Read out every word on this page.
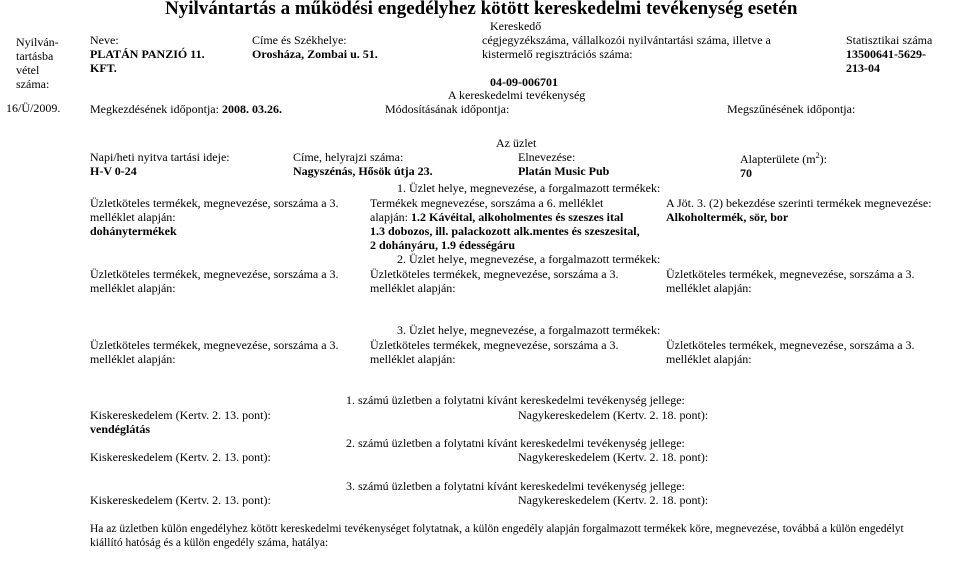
Nyilvántartás a működési engedélyhez kötött kereskedelmi tevékenység esetén
Nyilván-
tartásba
vétel
száma:
16/Ü/2009.
Kereskedő
Neve:
PLATÁN PANZIÓ 11.
KFT.
Címe és Székhelye:
Orosháza, Zombai u. 51.
cégjegyzékszáma, vállalkozói nyilvántartási száma, illetve a
kistermelő regisztrációs száma:
04-09-006701
Statisztikai száma
13500641-5629-
213-04
A kereskedelmi tevékenység
Megkezdésének időpontja: 2008. 03.26.	Módosításának időpontja:	Megszűnésének időpontja:
Az üzlet
Napi/heti nyitva tartási ideje:
H-V 0-24
Címe, helyrajzi száma:
Nagyszénás, Hősök útja 23.
Elnevezése:
Platán Music Pub
Alapterülete $(m^2)$:
70
1. Üzlet helye, megnevezése, a forgalmazott termékek:
Üzletköteles termékek, megnevezése, sorszáma a 3.
melléklet alapján:
dohánytermékek
Termékek megnevezése, sorszáma a 6. melléklet
alapján: 1.2 Kávéital, alkoholmentes és szeszes ital
1.3 dobozos, ill. palackozott alk.mentes és szeszesital,
2 dohányáru, 1.9 édességáru
A Jöt. 3. (2) bekezdése szerinti termékek megnevezése:
Alkoholtermék, sör, bor
2. Üzlet helye, megnevezése, a forgalmazott termékek:
Üzletköteles termékek, megnevezése, sorszáma a 3.
melléklet alapján:
Üzletköteles termékek, megnevezése, sorszáma a 3.
melléklet alapján:
Üzletköteles termékek, megnevezése, sorszáma a 3.
melléklet alapján:
3. Üzlet helye, megnevezése, a forgalmazott termékek:
Üzletköteles termékek, megnevezése, sorszáma a 3.
melléklet alapján:
Üzletköteles termékek, megnevezése, sorszáma a 3.
melléklet alapján:
Üzletköteles termékek, megnevezése, sorszáma a 3.
melléklet alapján:
1. számú üzletben a folytatni kívánt kereskedelmi tevékenység jellege:
Kiskereskedelem (Kertv. 2. 13. pont):
vendéglátás
Nagykereskedelem (Kertv. 2. 18. pont):
2. számú üzletben a folytatni kívánt kereskedelmi tevékenység jellege:
Kiskereskedelem (Kertv. 2. 13. pont):	Nagykereskedelem (Kertv. 2. 18. pont):
3. számú üzletben a folytatni kívánt kereskedelmi tevékenység jellege:
Kiskereskedelem (Kertv. 2. 13. pont):	Nagykereskedelem (Kertv. 2. 18. pont):
Ha az üzletben külön engedélyhez kötött kereskedelmi tevékenységet folytatnak, a külön engedély alapján forgalmazott termékek köre, megnevezése, továbbá a külön engedélyt
kiállító hatóság és a külön engedély száma, hatálya:
